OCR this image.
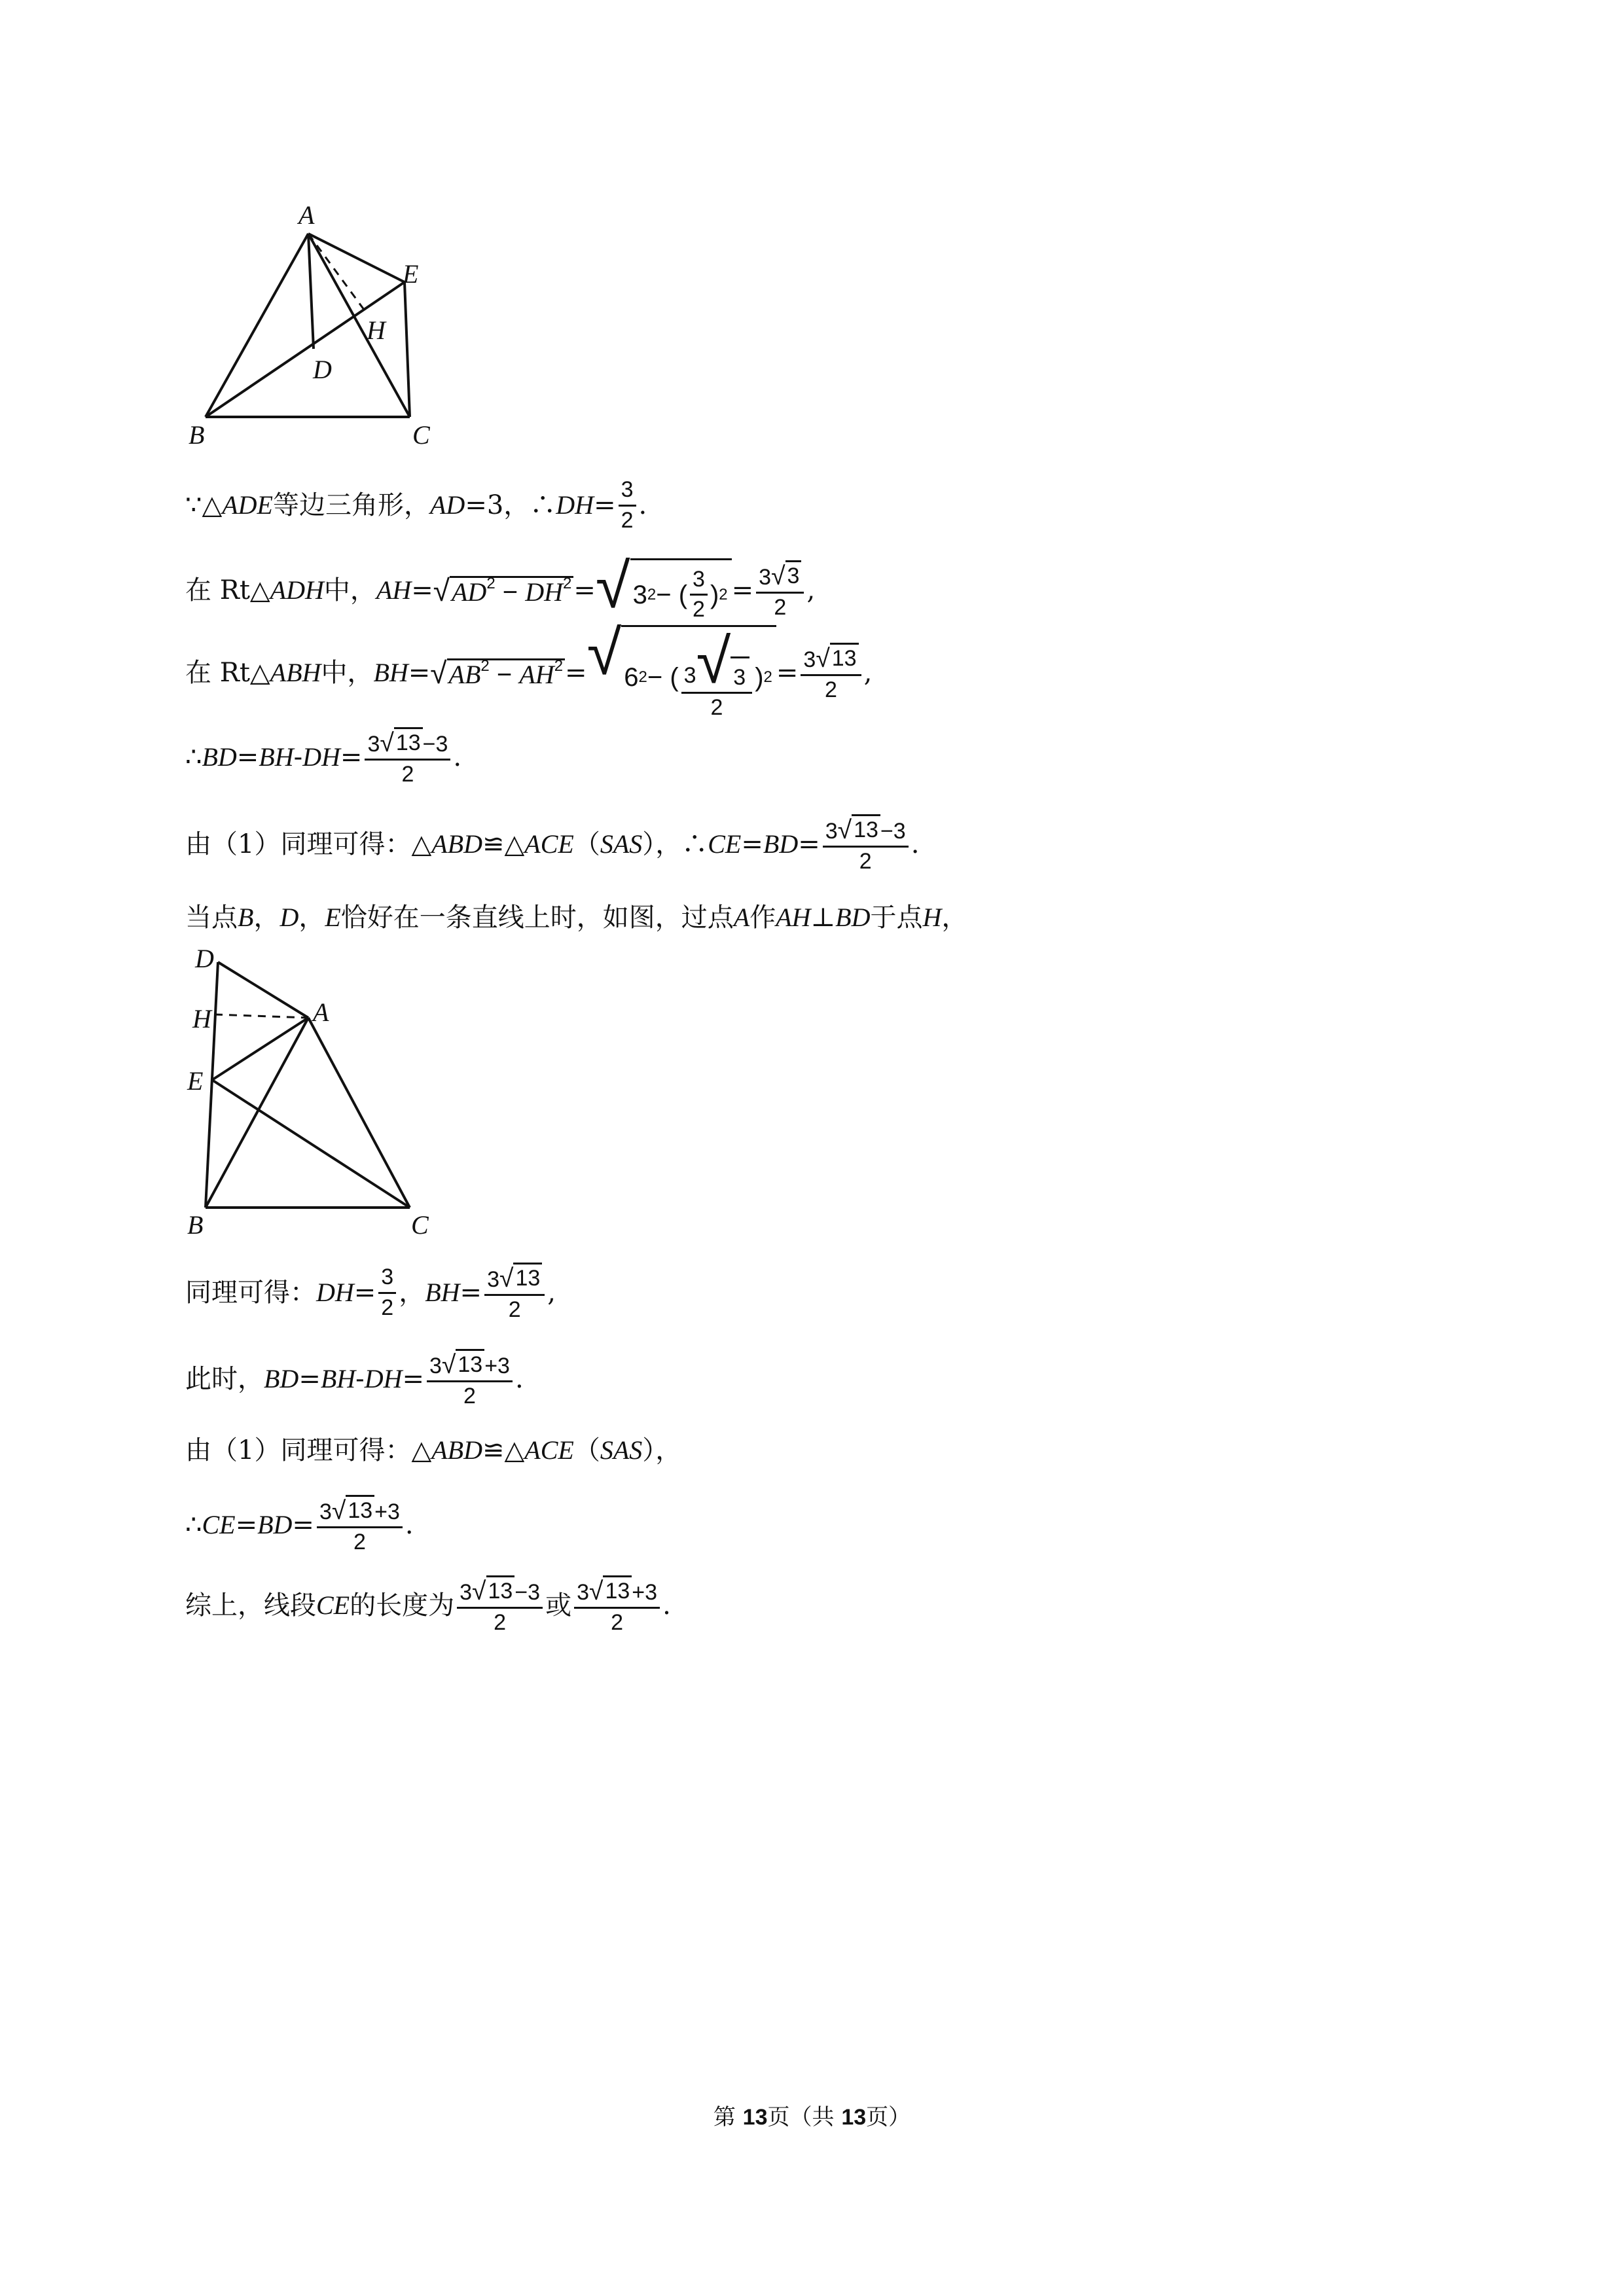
A
B	C
D
E
H
∵△ ADE 等边三角形， AD =3，∴ DH = $\frac{3}{2}$ .
在 Rt△ ADH 中， AH = √ $AD^2 - DH^2$ = √ 3 2 − ( $\frac{3}{2}$ ) $2 = \frac{3 √ 3}{2}$ ,
在 Rt△ ABH 中， BH = √ $AB^2 - AH^2$ = √ 6 2 − ( $\frac{3 √ 3}{2}$ ) $2 = \frac{3 √ 13}{2}$ ,
∴ BD = BH - DH = $\frac{3 √ 13 -3}{2}$ .
由（1）同理可得：△ ABD ≌△ ACE （ SAS ），∴ CE = BD = $\frac{3 √ 13 -3}{2}$ .
当点 B ， D ， E 恰好在一条直线上时，如图，过点 A 作 AH ⊥ BD 于点 H ，
D
H	A
E
B	C
同理可得： DH = $\frac{3}{2}$ ， BH = $\frac{3 √ 13}{2}$ ,
此时， BD = BH - DH = $\frac{3 √ 13 +3}{2}$ .
由（1）同理可得：△ ABD ≌△ ACE （ SAS ），
∴ CE = BD = $\frac{3 √ 13 +3}{2}$ .
综上，线段 CE 的长度为 $\frac{3 √ 13 -3}{2}$ 或 $\frac{3 √ 13 +3}{2}$ .
第 13页（共 13页）
